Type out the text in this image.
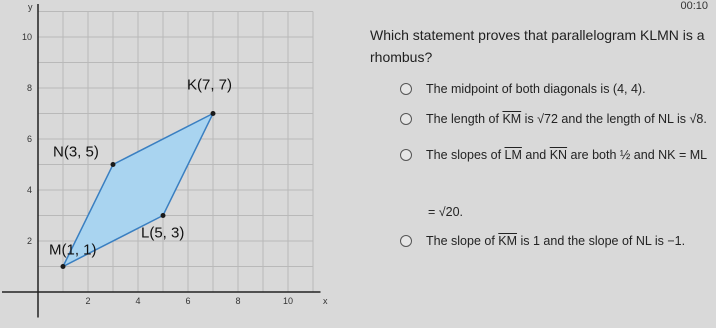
2	4	6	8	10
2
4
6
8
10
x
y
K(7, 7)
N(3, 5)
L(5, 3)
M(1, 1)
00:10
Which statement proves that parallelogram KLMN is a rhombus?
The midpoint of both diagonals is (4, 4).
The length of $\overline{KM}$ is √72 and the length of NL is √8.
The slopes of $\overline{LM}$ and $\overline{KN}$ are both ½ and NK = ML
= √20.
The slope of $\overline{KM}$ is 1 and the slope of NL is −1.
